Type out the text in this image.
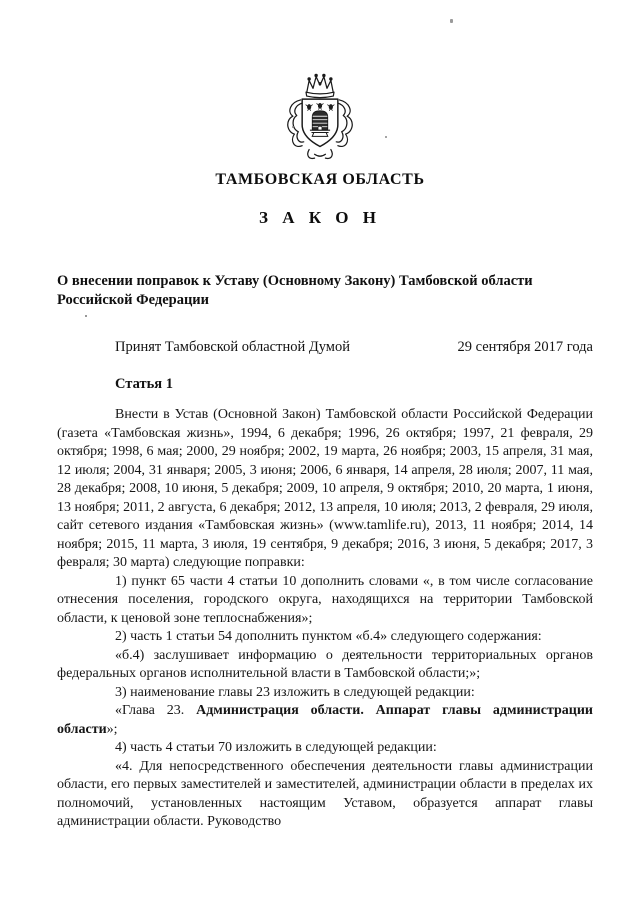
ТАМБОВСКАЯ ОБЛАСТЬ
З А К О Н
О внесении поправок к Уставу (Основному Закону) Тамбовской области Российской Федерации
Принят Тамбовской областной Думой	29 сентября 2017 года
Статья 1

Внести в Устав (Основной Закон) Тамбовской области Российской Федерации (газета «Тамбовская жизнь», 1994, 6 декабря; 1996, 26 октября; 1997, 21 февраля, 29 октября; 1998, 6 мая; 2000, 29 ноября; 2002, 19 марта, 26 ноября; 2003, 15 апреля, 31 мая, 12 июля; 2004, 31 января; 2005, 3 июня; 2006, 6 января, 14 апреля, 28 июля; 2007, 11 мая, 28 декабря; 2008, 10 июня, 5 декабря; 2009, 10 апреля, 9 октября; 2010, 20 марта, 1 июня, 13 ноября; 2011, 2 августа, 6 декабря; 2012, 13 апреля, 10 июля; 2013, 2 февраля, 29 июля, сайт сетевого издания «Тамбовская жизнь» (www.tamlife.ru), 2013, 11 ноября; 2014, 14 ноября; 2015, 11 марта, 3 июля, 19 сентября, 9 декабря; 2016, 3 июня, 5 декабря; 2017, 3 февраля; 30 марта) следующие поправки:

1) пункт 65 части 4 статьи 10 дополнить словами «, в том числе согласование отнесения поселения, городского округа, находящихся на территории Тамбовской области, к ценовой зоне теплоснабжения»;

2) часть 1 статьи 54 дополнить пунктом «б.4» следующего содержания:

«б.4) заслушивает информацию о деятельности территориальных органов федеральных органов исполнительной власти в Тамбовской области;»;

3) наименование главы 23 изложить в следующей редакции:

«Глава 23. Администрация области. Аппарат главы администрации области»;

4) часть 4 статьи 70 изложить в следующей редакции:

«4. Для непосредственного обеспечения деятельности главы администрации области, его первых заместителей и заместителей, администрации области в пределах их полномочий, установленных настоящим Уставом, образуется аппарат главы администрации области. Руководство
